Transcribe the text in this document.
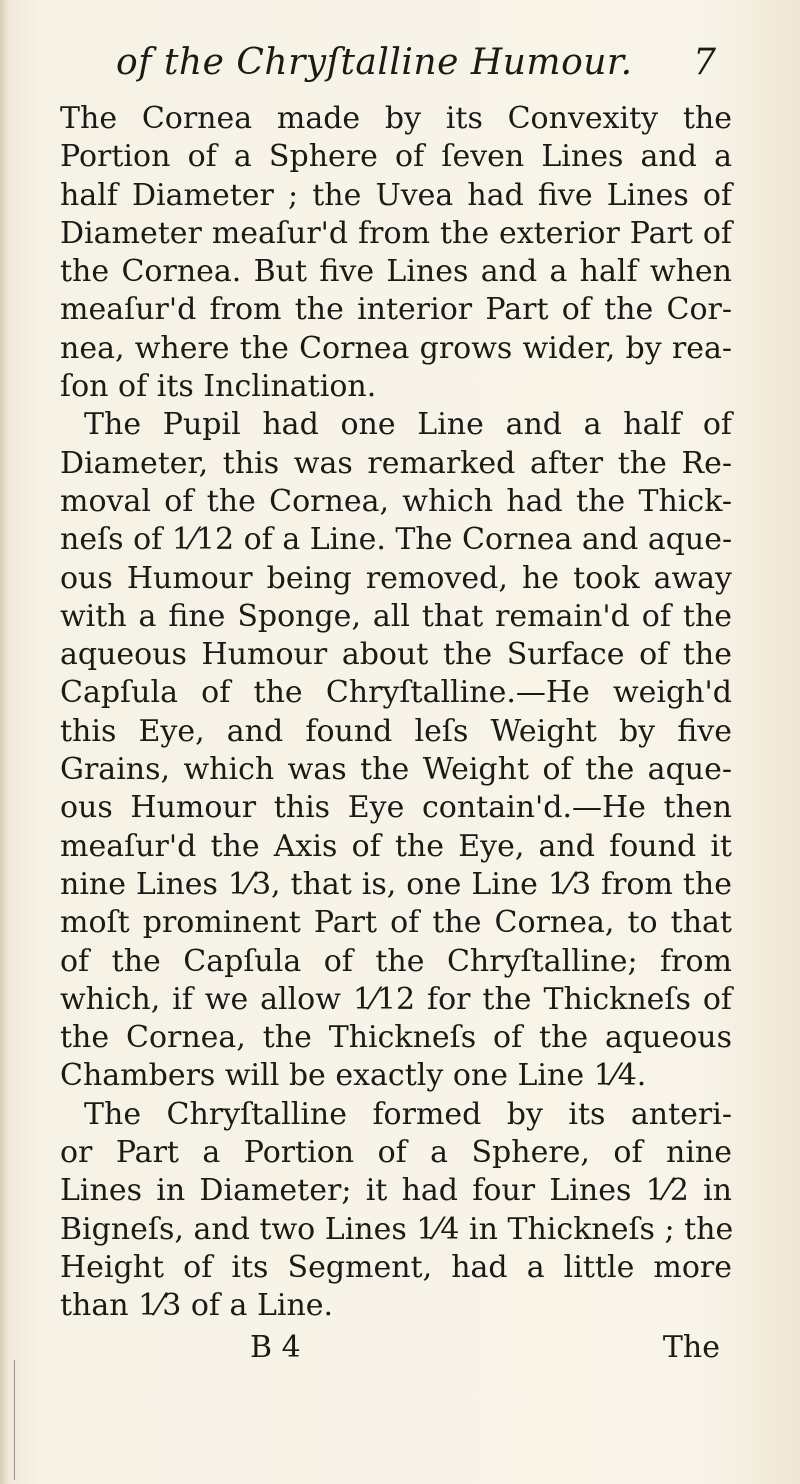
of the Chryſtalline Humour. 7
The Cornea made by its Convexity the
Portion of a Sphere of ſeven Lines and a
half Diameter ; the Uvea had five Lines of
Diameter meaſur'd from the exterior Part of
the Cornea. But five Lines and a half when
meaſur'd from the interior Part of the Cor-
nea, where the Cornea grows wider, by rea-
ſon of its Inclination.
The Pupil had one Line and a half of
Diameter, this was remarked after the Re-
moval of the Cornea, which had the Thick-
neſs of 1⁄12 of a Line. The Cornea and aque-
ous Humour being removed, he took away
with a fine Sponge, all that remain'd of the
aqueous Humour about the Surface of the
Capſula of the Chryſtalline.—He weigh'd
this Eye, and found leſs Weight by five
Grains, which was the Weight of the aque-
ous Humour this Eye contain'd.—He then
meaſur'd the Axis of the Eye, and found it
nine Lines 1⁄3, that is, one Line 1⁄3 from the
moſt prominent Part of the Cornea, to that
of the Capſula of the Chryſtalline; from
which, if we allow 1⁄12 for the Thickneſs of
the Cornea, the Thickneſs of the aqueous
Chambers will be exactly one Line 1⁄4.
The Chryſtalline formed by its anteri-
or Part a Portion of a Sphere, of nine
Lines in Diameter; it had four Lines 1⁄2 in
Bigneſs, and two Lines 1⁄4 in Thickneſs ; the
Height of its Segment, had a little more
than 1⁄3 of a Line.
B 4	The
